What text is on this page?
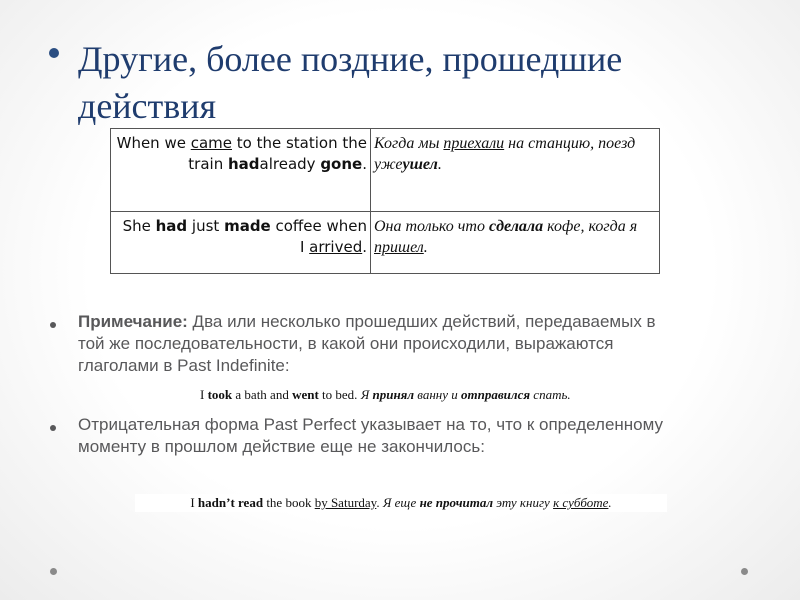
Другие, более поздние, прошедшие действия
When we came to the station the train hadalready gone.	Когда мы приехали на станцию, поезд ужеушел.
She had just made coffee when I arrived.	Она только что сделала кофе, когда я пришел.

Примечание: Два или несколько прошедших действий, передаваемых в той же последовательности, в какой они происходили, выражаются глаголами в Past Indefinite:

I took a bath and went to bed. Я принял ванну и отправился спать.

Отрицательная форма Past Perfect указывает на то, что к определенному моменту в прошлом действие еще не закончилось:

I hadn’t read the book by Saturday. Я еще не прочитал эту книгу к субботе.
